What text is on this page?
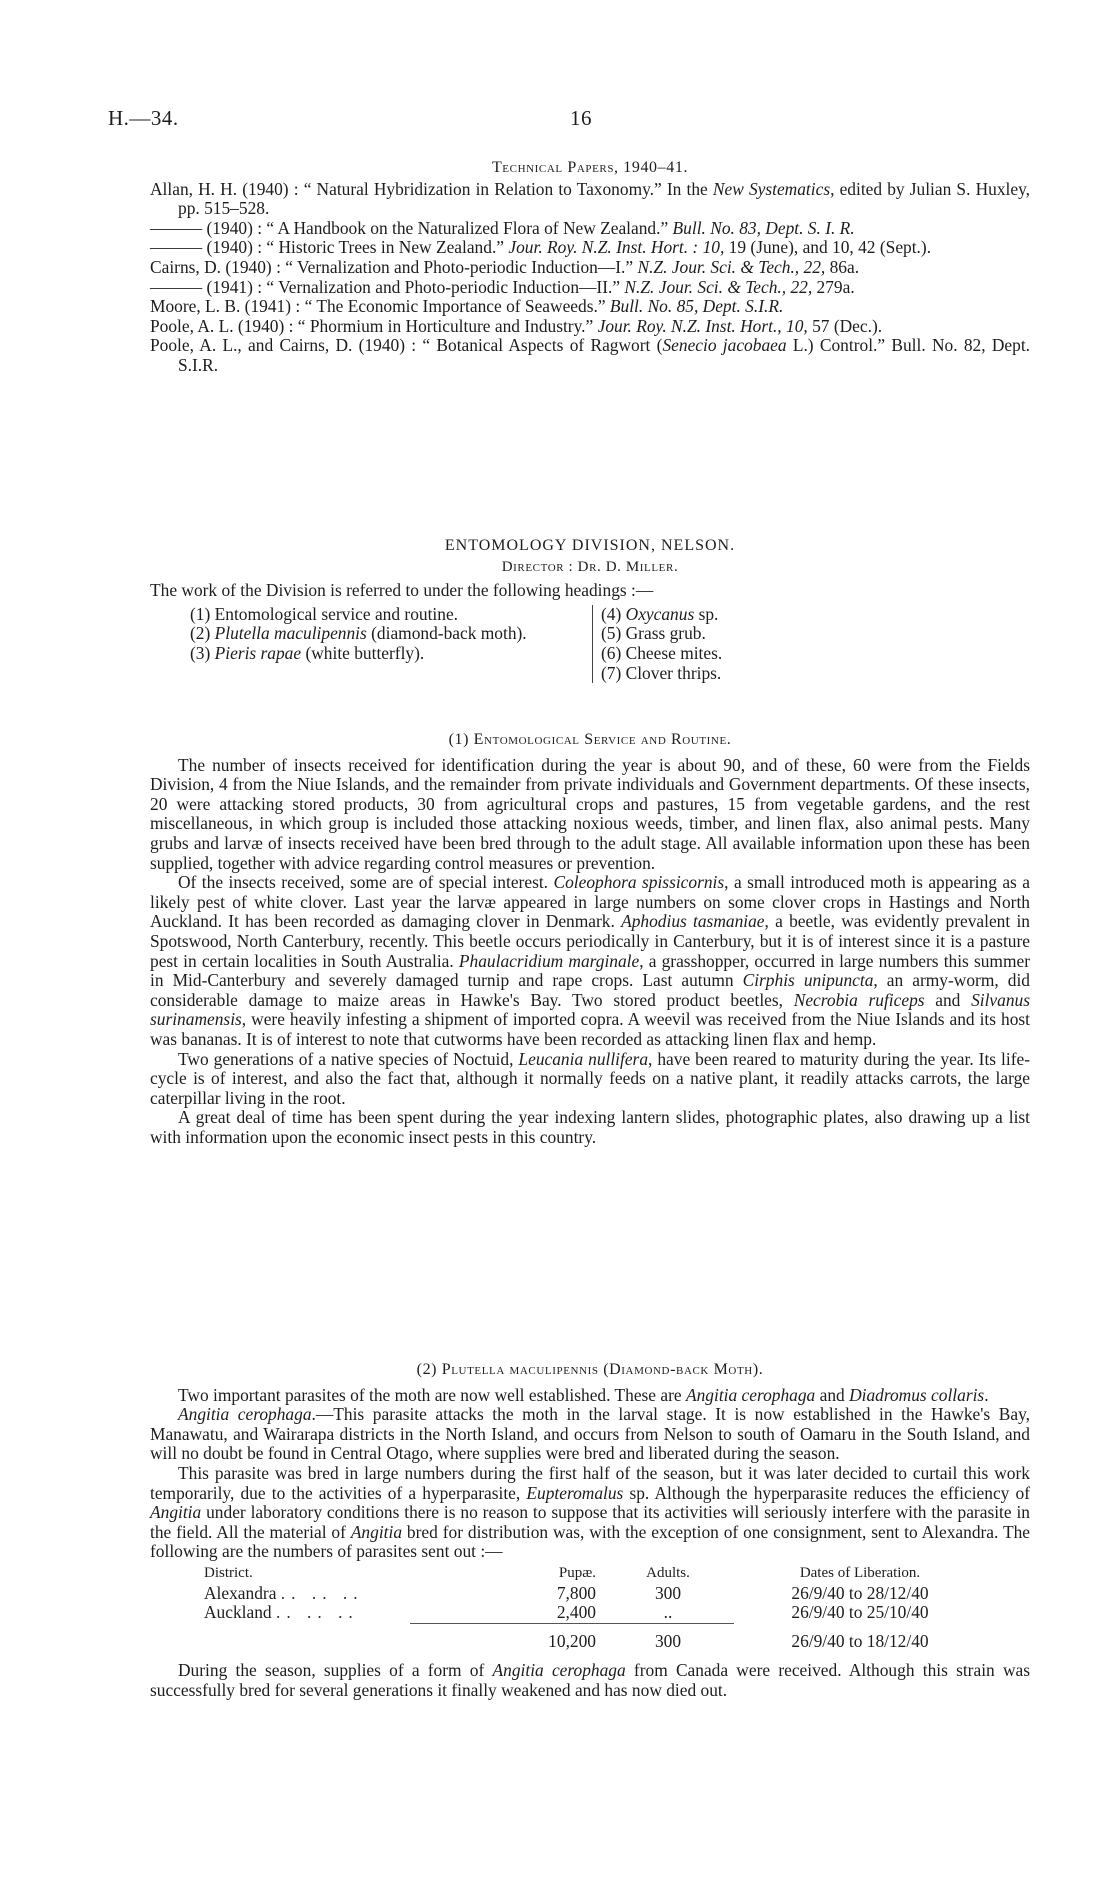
H.—34.	16
Technical Papers, 1940–41.

Allan, H. H. (1940) : “ Natural Hybridization in Relation to Taxonomy.” In the New Systematics, edited by Julian S. Huxley, pp. 515–528.

——— (1940) : “ A Handbook on the Naturalized Flora of New Zealand.” Bull. No. 83, Dept. S. I. R.

——— (1940) : “ Historic Trees in New Zealand.” Jour. Roy. N.Z. Inst. Hort. : 10, 19 (June), and 10, 42 (Sept.).

Cairns, D. (1940) : “ Vernalization and Photo-periodic Induction—I.” N.Z. Jour. Sci. & Tech., 22, 86a.

——— (1941) : “ Vernalization and Photo-periodic Induction—II.” N.Z. Jour. Sci. & Tech., 22, 279a.

Moore, L. B. (1941) : “ The Economic Importance of Seaweeds.” Bull. No. 85, Dept. S.I.R.

Poole, A. L. (1940) : “ Phormium in Horticulture and Industry.” Jour. Roy. N.Z. Inst. Hort., 10, 57 (Dec.).

Poole, A. L., and Cairns, D. (1940) : “ Botanical Aspects of Ragwort (Senecio jacobaea L.) Control.” Bull. No. 82, Dept. S.I.R.

ENTOMOLOGY DIVISION, NELSON.
Director : Dr. D. Miller.

The work of the Division is referred to under the following headings :—

(1) Entomological service and routine.
(2) Plutella maculipennis (diamond-back moth).
(3) Pieris rapae (white butterfly).
(4) Oxycanus sp.
(5) Grass grub.
(6) Cheese mites.
(7) Clover thrips.
(1) Entomological Service and Routine.

The number of insects received for identification during the year is about 90, and of these, 60 were from the Fields Division, 4 from the Niue Islands, and the remainder from private individuals and Government departments. Of these insects, 20 were attacking stored products, 30 from agricultural crops and pastures, 15 from vegetable gardens, and the rest miscellaneous, in which group is included those attacking noxious weeds, timber, and linen flax, also animal pests. Many grubs and larvæ of insects received have been bred through to the adult stage. All available information upon these has been supplied, together with advice regarding control measures or prevention.

Of the insects received, some are of special interest. Coleophora spissicornis, a small introduced moth is appearing as a likely pest of white clover. Last year the larvæ appeared in large numbers on some clover crops in Hastings and North Auckland. It has been recorded as damaging clover in Denmark. Aphodius tasmaniae, a beetle, was evidently prevalent in Spotswood, North Canterbury, recently. This beetle occurs periodically in Canterbury, but it is of interest since it is a pasture pest in certain localities in South Australia. Phaulacridium marginale, a grasshopper, occurred in large numbers this summer in Mid-Canterbury and severely damaged turnip and rape crops. Last autumn Cirphis unipuncta, an army-worm, did considerable damage to maize areas in Hawke's Bay. Two stored product beetles, Necrobia ruficeps and Silvanus surinamensis, were heavily infesting a shipment of imported copra. A weevil was received from the Niue Islands and its host was bananas. It is of interest to note that cutworms have been recorded as attacking linen flax and hemp.

Two generations of a native species of Noctuid, Leucania nullifera, have been reared to maturity during the year. Its life-cycle is of interest, and also the fact that, although it normally feeds on a native plant, it readily attacks carrots, the large caterpillar living in the root.

A great deal of time has been spent during the year indexing lantern slides, photographic plates, also drawing up a list with information upon the economic insect pests in this country.

(2) Plutella maculipennis (Diamond-back Moth).

Two important parasites of the moth are now well established. These are Angitia cerophaga and Diadromus collaris.

Angitia cerophaga.—This parasite attacks the moth in the larval stage. It is now established in the Hawke's Bay, Manawatu, and Wairarapa districts in the North Island, and occurs from Nelson to south of Oamaru in the South Island, and will no doubt be found in Central Otago, where supplies were bred and liberated during the season.

This parasite was bred in large numbers during the first half of the season, but it was later decided to curtail this work temporarily, due to the activities of a hyperparasite, Eupteromalus sp. Although the hyperparasite reduces the efficiency of Angitia under laboratory conditions there is no reason to suppose that its activities will seriously interfere with the parasite in the field. All the material of Angitia bred for distribution was, with the exception of one consignment, sent to Alexandra. The following are the numbers of parasites sent out :—

District.	Pupæ.	Adults.	Dates of Liberation.
Alexandra .. .. ..	7,800	300	26/9/40 to 28/12/40
Auckland .. .. ..	2,400	..	26/9/40 to 25/10/40

	10,200	300	26/9/40 to 18/12/40

During the season, supplies of a form of Angitia cerophaga from Canada were received. Although this strain was successfully bred for several generations it finally weakened and has now died out.
